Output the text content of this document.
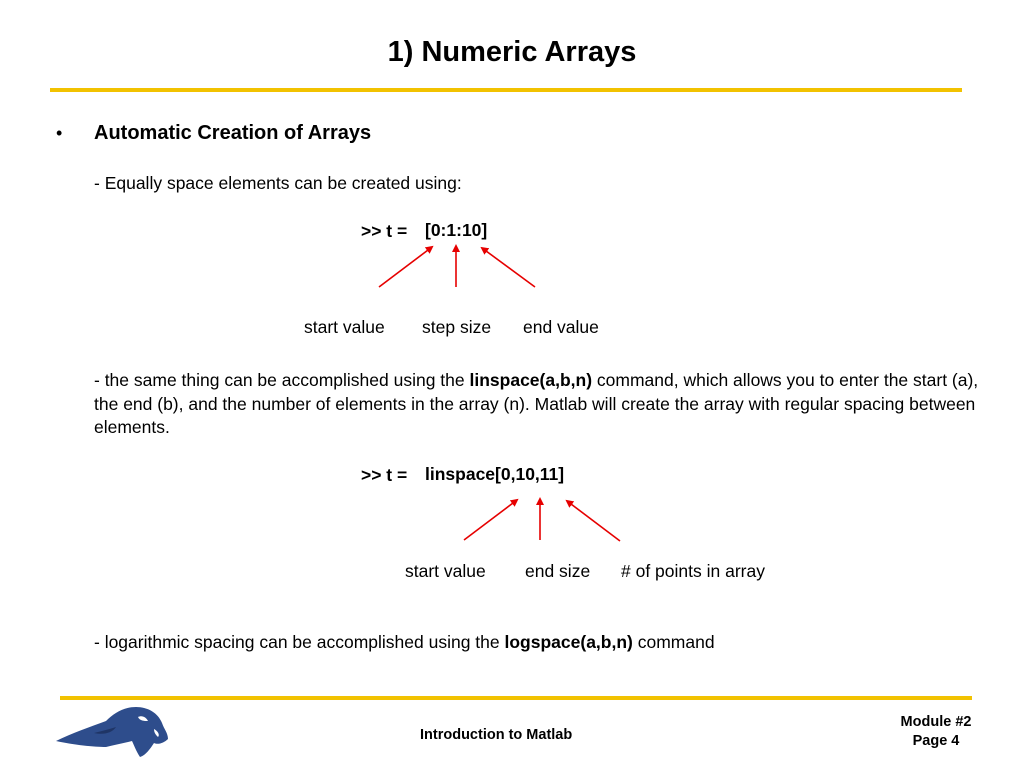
1) Numeric Arrays
• Automatic Creation of Arrays
- Equally space elements can be created using:
>> t = [0:1:10]
start value step size end value
- the same thing can be accomplished using the linspace(a,b,n) command, which allows you to enter the start (a), the end (b), and the number of elements in the array (n). Matlab will create the array with regular spacing between elements.
>> t = linspace[0,10,11]
start value end size # of points in array
- logarithmic spacing can be accomplished using the logspace(a,b,n) command
Introduction to Matlab
Module #2
Page 4
